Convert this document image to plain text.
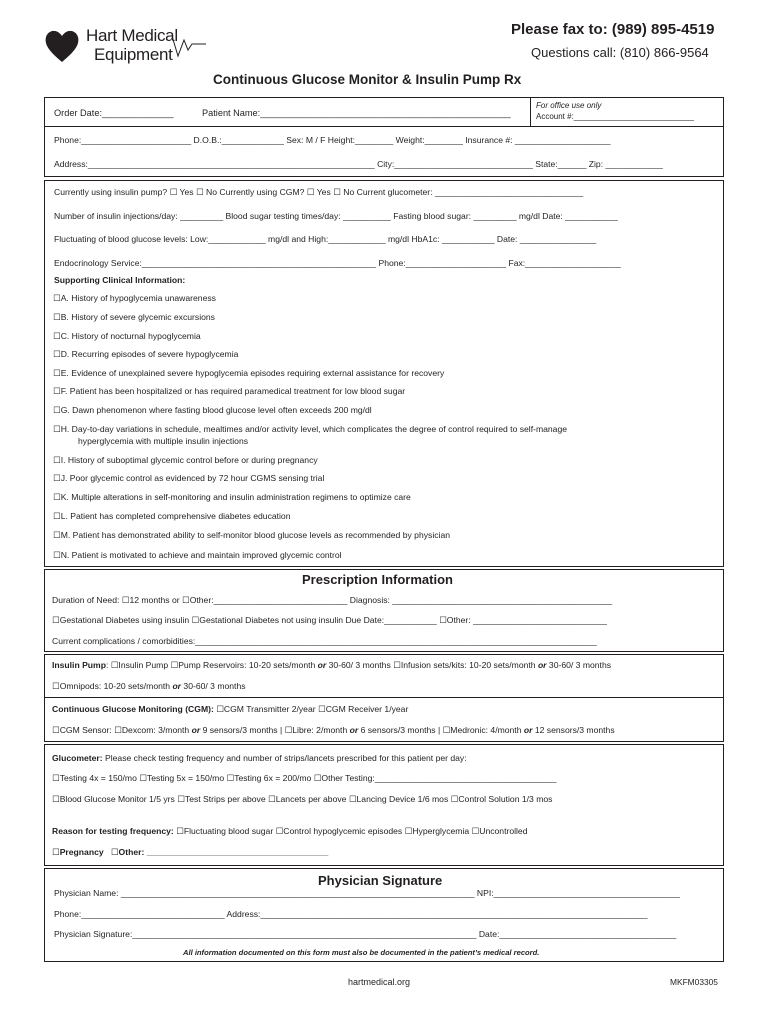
Hart Medical
Equipment
Please fax to: (989) 895-4519
Questions call: (810) 866-9564
Continuous Glucose Monitor & Insulin Pump Rx
Order Date:______________	Patient Name:_________________________________________________
For office use only
Account #:___________________________
Phone:_______________________ D.O.B.:_____________ Sex: M / F Height:________ Weight:________ Insurance #: ____________________
Address:____________________________________________________________ City:_____________________________ State:______ Zip: ____________
Currently using insulin pump? ☐ Yes ☐ No Currently using CGM? ☐ Yes ☐ No Current glucometer: _______________________________
Number of insulin injections/day: _________ Blood sugar testing times/day: __________ Fasting blood sugar: _________ mg/dl Date: ___________
Fluctuating of blood glucose levels: Low:____________ mg/dl and High:____________ mg/dl HbA1c: ___________ Date: ________________
Endocrinology Service:_________________________________________________ Phone:_____________________ Fax:____________________
Supporting Clinical Information:
☐A. History of hypoglycemia unawareness
☐B. History of severe glycemic excursions
☐C. History of nocturnal hypoglycemia
☐D. Recurring episodes of severe hypoglycemia
☐E. Evidence of unexplained severe hypoglycemia episodes requiring external assistance for recovery
☐F. Patient has been hospitalized or has required paramedical treatment for low blood sugar
☐G. Dawn phenomenon where fasting blood glucose level often exceeds 200 mg/dl
☐H. Day-to-day variations in schedule, mealtimes and/or activity level, which complicates the degree of control required to self-manage
hyperglycemia with multiple insulin injections
☐I. History of suboptimal glycemic control before or during pregnancy
☐J. Poor glycemic control as evidenced by 72 hour CGMS sensing trial
☐K. Multiple alterations in self-monitoring and insulin administration regimens to optimize care
☐L. Patient has completed comprehensive diabetes education
☐M. Patient has demonstrated ability to self-monitor blood glucose levels as recommended by physician
☐N. Patient is motivated to achieve and maintain improved glycemic control
Prescription Information
Duration of Need: ☐12 months or ☐Other:____________________________ Diagnosis: ______________________________________________
☐Gestational Diabetes using insulin ☐Gestational Diabetes not using insulin Due Date:___________ ☐Other: ____________________________
Current complications / comorbidities:____________________________________________________________________________________
Insulin Pump: ☐Insulin Pump ☐Pump Reservoirs: 10-20 sets/month or 30-60/ 3 months ☐Infusion sets/kits: 10-20 sets/month or 30-60/ 3 months
☐Omnipods: 10-20 sets/month or 30-60/ 3 months
Continuous Glucose Monitoring (CGM): ☐CGM Transmitter 2/year ☐CGM Receiver 1/year
☐CGM Sensor: ☐Dexcom: 3/month or 9 sensors/3 months | ☐Libre: 2/month or 6 sensors/3 months | ☐Medronic: 4/month or 12 sensors/3 months
Glucometer: Please check testing frequency and number of strips/lancets prescribed for this patient per day:
☐Testing 4x = 150/mo ☐Testing 5x = 150/mo ☐Testing 6x = 200/mo ☐Other Testing:______________________________________
☐Blood Glucose Monitor 1/5 yrs ☐Test Strips per above ☐Lancets per above ☐Lancing Device 1/6 mos ☐Control Solution 1/3 mos
Reason for testing frequency: ☐Fluctuating blood sugar ☐Control hypoglycemic episodes ☐Hyperglycemia ☐Uncontrolled
☐Pregnancy ☐Other: ______________________________________
Physician Signature
Physician Name: __________________________________________________________________________ NPI:_______________________________________
Phone:______________________________ Address:_________________________________________________________________________________
Physician Signature:________________________________________________________________________ Date:_____________________________________
All information documented on this form must also be documented in the patient’s medical record.
hartmedical.org	MKFM03305
